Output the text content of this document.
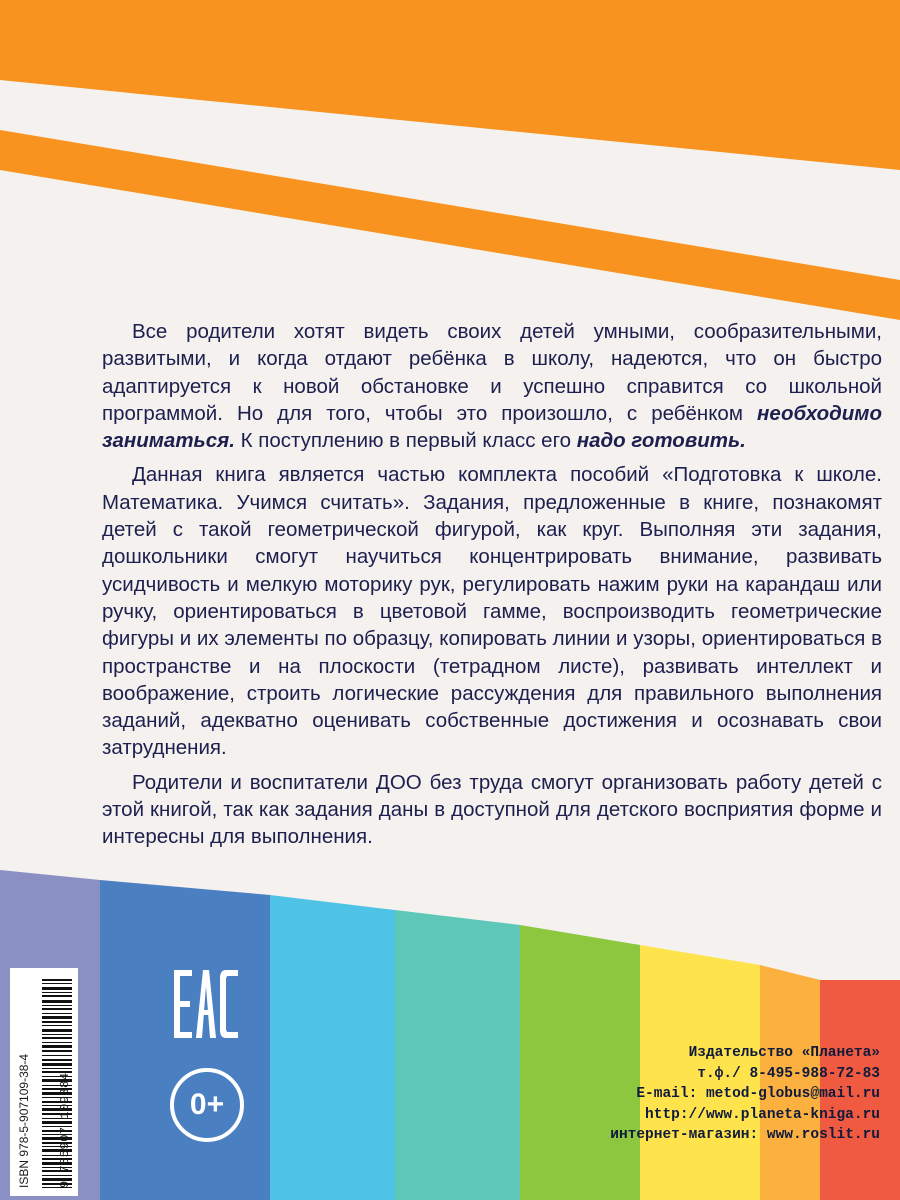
Все родители хотят видеть своих детей умными, сообразительными, развитыми, и когда отдают ребёнка в школу, надеются, что он быстро адаптируется к новой обстановке и успешно справится со школьной программой. Но для того, чтобы это произошло, с ребёнком необходимо заниматься. К поступлению в первый класс его надо готовить.

Данная книга является частью комплекта пособий «Подготовка к школе. Математика. Учимся считать». Задания, предложенные в книге, познакомят детей с такой геометрической фигурой, как круг. Выполняя эти задания, дошкольники смогут научиться концентрировать внимание, развивать усидчивость и мелкую моторику рук, регулировать нажим руки на карандаш или ручку, ориентироваться в цветовой гамме, воспроизводить геометрические фигуры и их элементы по образцу, копировать линии и узоры, ориентироваться в пространстве и на плоскости (тетрадном листе), развивать интеллект и воображение, строить логические рассуждения для правильного выполнения заданий, адекватно оценивать собственные достижения и осознавать свои затруднения.

Родители и воспитатели ДОО без труда смогут организовать работу детей с этой книгой, так как задания даны в доступной для детского восприятия форме и интересны для выполнения.

0+
ISBN 978-5-907109-38-4 9 785907 109384
Издательство «Планета»
т.ф./ 8-495-988-72-83
E-mail: metod-globus@mail.ru
http://www.planeta-kniga.ru
интернет-магазин: www.roslit.ru
